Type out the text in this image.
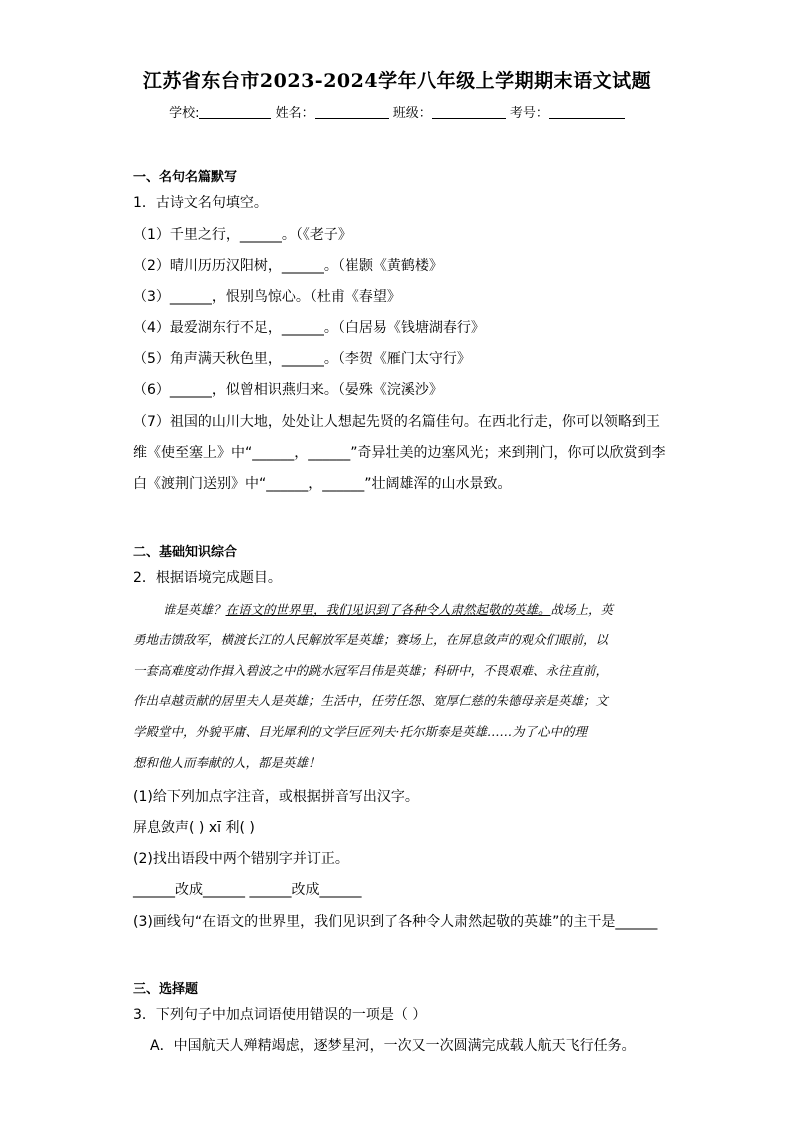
江苏省东台市2023-2024学年八年级上学期期末语文试题
学校:	姓名：	班级：	考号：
一、名句名篇默写
1．古诗文名句填空。
（1）千里之行，______。（《老子》
（2）晴川历历汉阳树，______。（崔颢《黄鹤楼》
（3）______，恨别鸟惊心。（杜甫《春望》
（4）最爱湖东行不足，______。（白居易《钱塘湖春行》
（5）角声满天秋色里，______。（李贺《雁门太守行》
（6）______，似曾相识燕归来。（晏殊《浣溪沙》
（7）祖国的山川大地，处处让人想起先贤的名篇佳句。在西北行走，你可以领略到王
维《使至塞上》中“______，______”奇异壮美的边塞风光；来到荆门，你可以欣赏到李
白《渡荆门送别》中“______，______”壮阔雄浑的山水景致。
二、基础知识综合
2．根据语境完成题目。
谁是英雄？在语文的世界里，我们见识到了各种令人肃然起敬的英雄。战场上，英
勇地击馈敌军，横渡长江的人民解放军是英雄；赛场上，在屏息敛声的观众们眼前，以
一套高难度动作揖入碧波之中的跳水冠军吕伟是英雄；科研中，不畏艰难、永往直前，
作出卓越贡献的居里夫人是英雄；生活中，任劳任怨、宽厚仁慈的朱德母亲是英雄；文
学殿堂中，外貌平庸、目光犀利的文学巨匠列夫·托尔斯泰是英雄……为了心中的理
想和他人而奉献的人，都是英雄！
(1)给下列加点字注音，或根据拼音写出汉字。
屏息敛声( ) xī 利( )
(2)找出语段中两个错别字并订正。
______改成______ ______改成______
(3)画线句“在语文的世界里，我们见识到了各种令人肃然起敬的英雄”的主干是______
三、选择题
3．下列句子中加点词语使用错误的一项是（ ）
A．中国航天人殚精竭虑，逐梦星河，一次又一次圆满完成载人航天飞行任务。
